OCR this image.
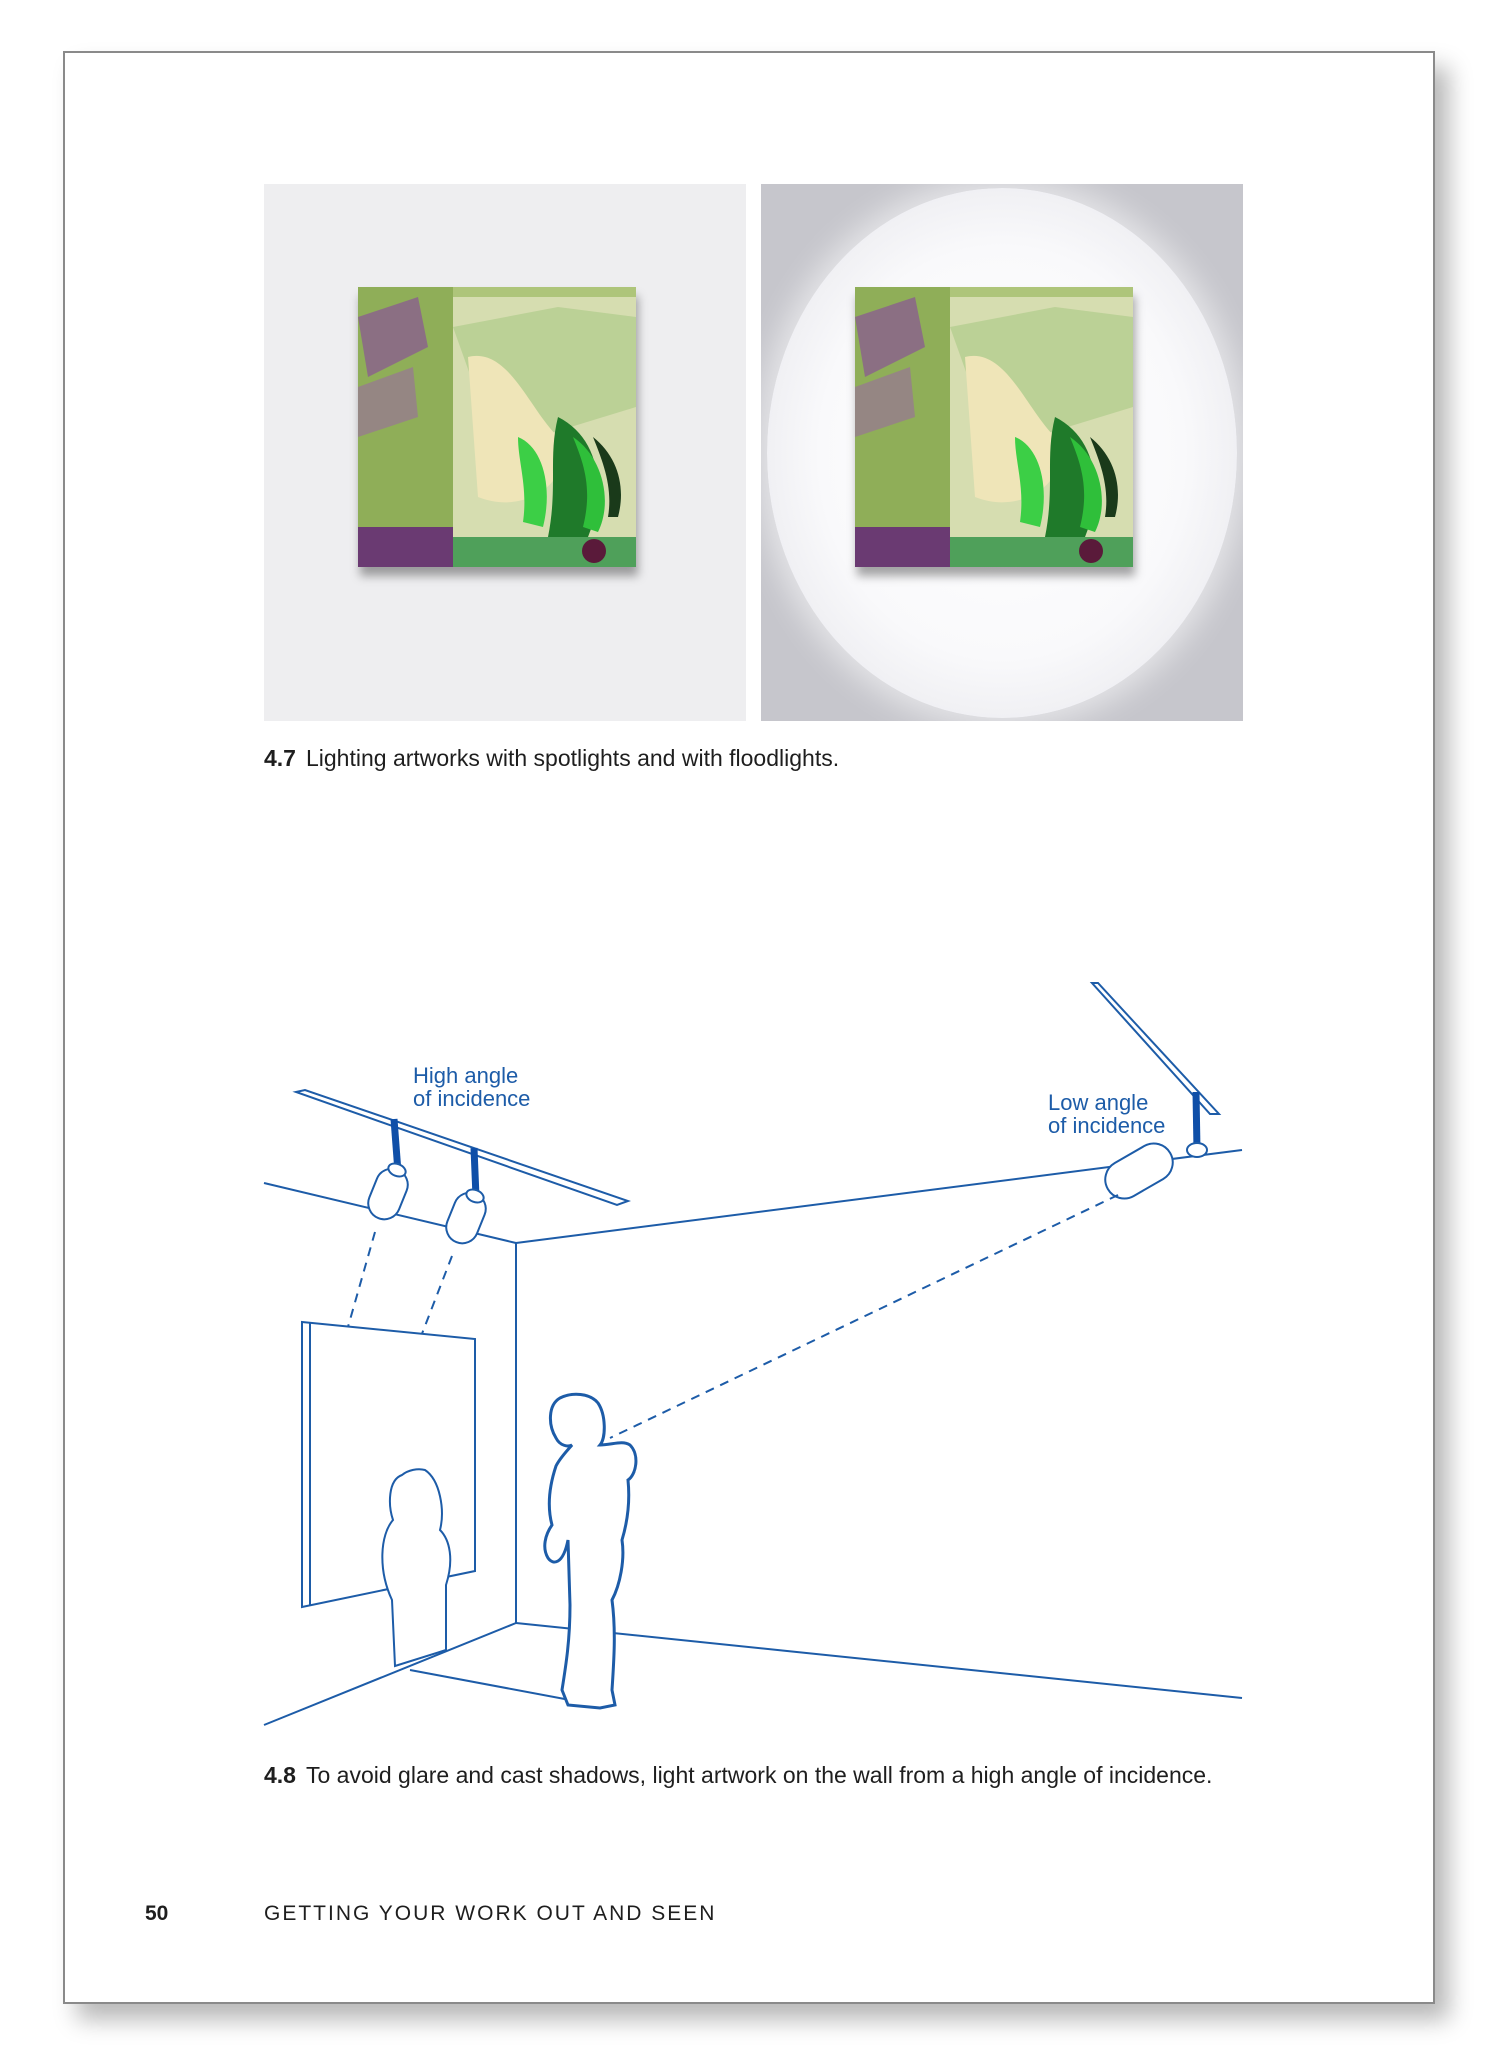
4.7 Lighting artworks with spotlights and with floodlights.
High angle
of incidence	Low angle
of incidence
4.8 To avoid glare and cast shadows, light artwork on the wall from a high angle of incidence.
50	GETTING YOUR WORK OUT AND SEEN
